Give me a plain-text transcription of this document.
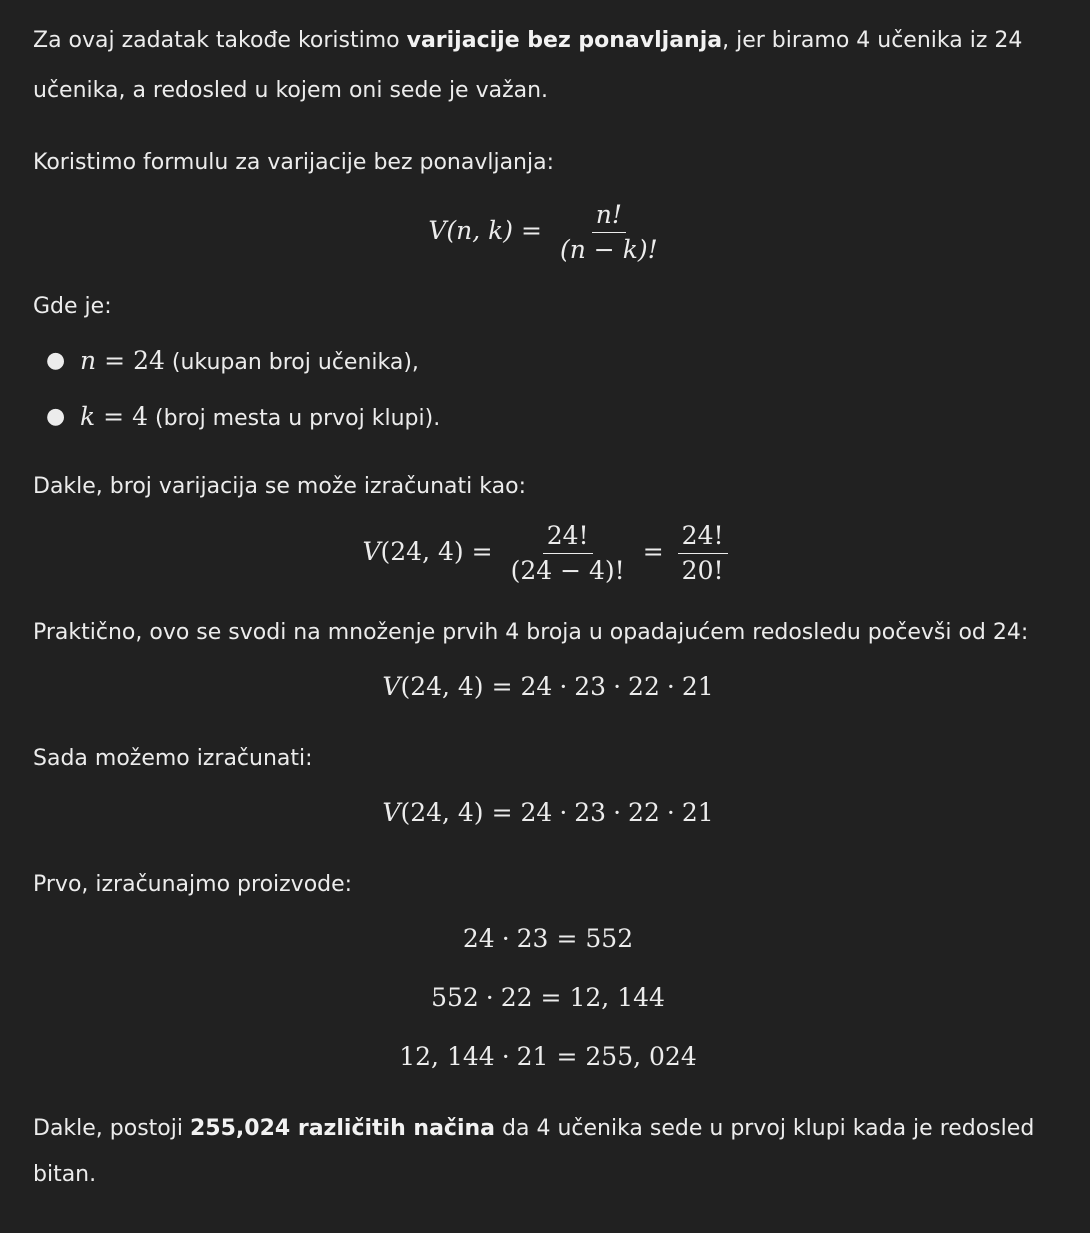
Za ovaj zadatak takođe koristimo varijacije bez ponavljanja, jer biramo 4 učenika iz 24 učenika, a redosled u kojem oni sede je važan.

Koristimo formulu za varijacije bez ponavljanja:

V(n, $k) = \frac{n!}{(n - k)!}$

Gde je:

● n = 24 (ukupan broj učenika),
● k = 4 (broj mesta u prvoj klupi).

Dakle, broj varijacija se može izračunati kao:

V(24, $4) = \frac{24!}{(24 - 4)!} = \frac{24!}{20!}$

Praktično, ovo se svodi na množenje prvih 4 broja u opadajućem redosledu počevši od 24:

V(24, 4) = 24 · 23 · 22 · 21

Sada možemo izračunati:

V(24, 4) = 24 · 23 · 22 · 21

Prvo, izračunajmo proizvode:

24 · 23 = 552
552 · 22 = 12, 144
12, 144 · 21 = 255, 024

Dakle, postoji 255,024 različitih načina da 4 učenika sede u prvoj klupi kada je redosled bitan.
